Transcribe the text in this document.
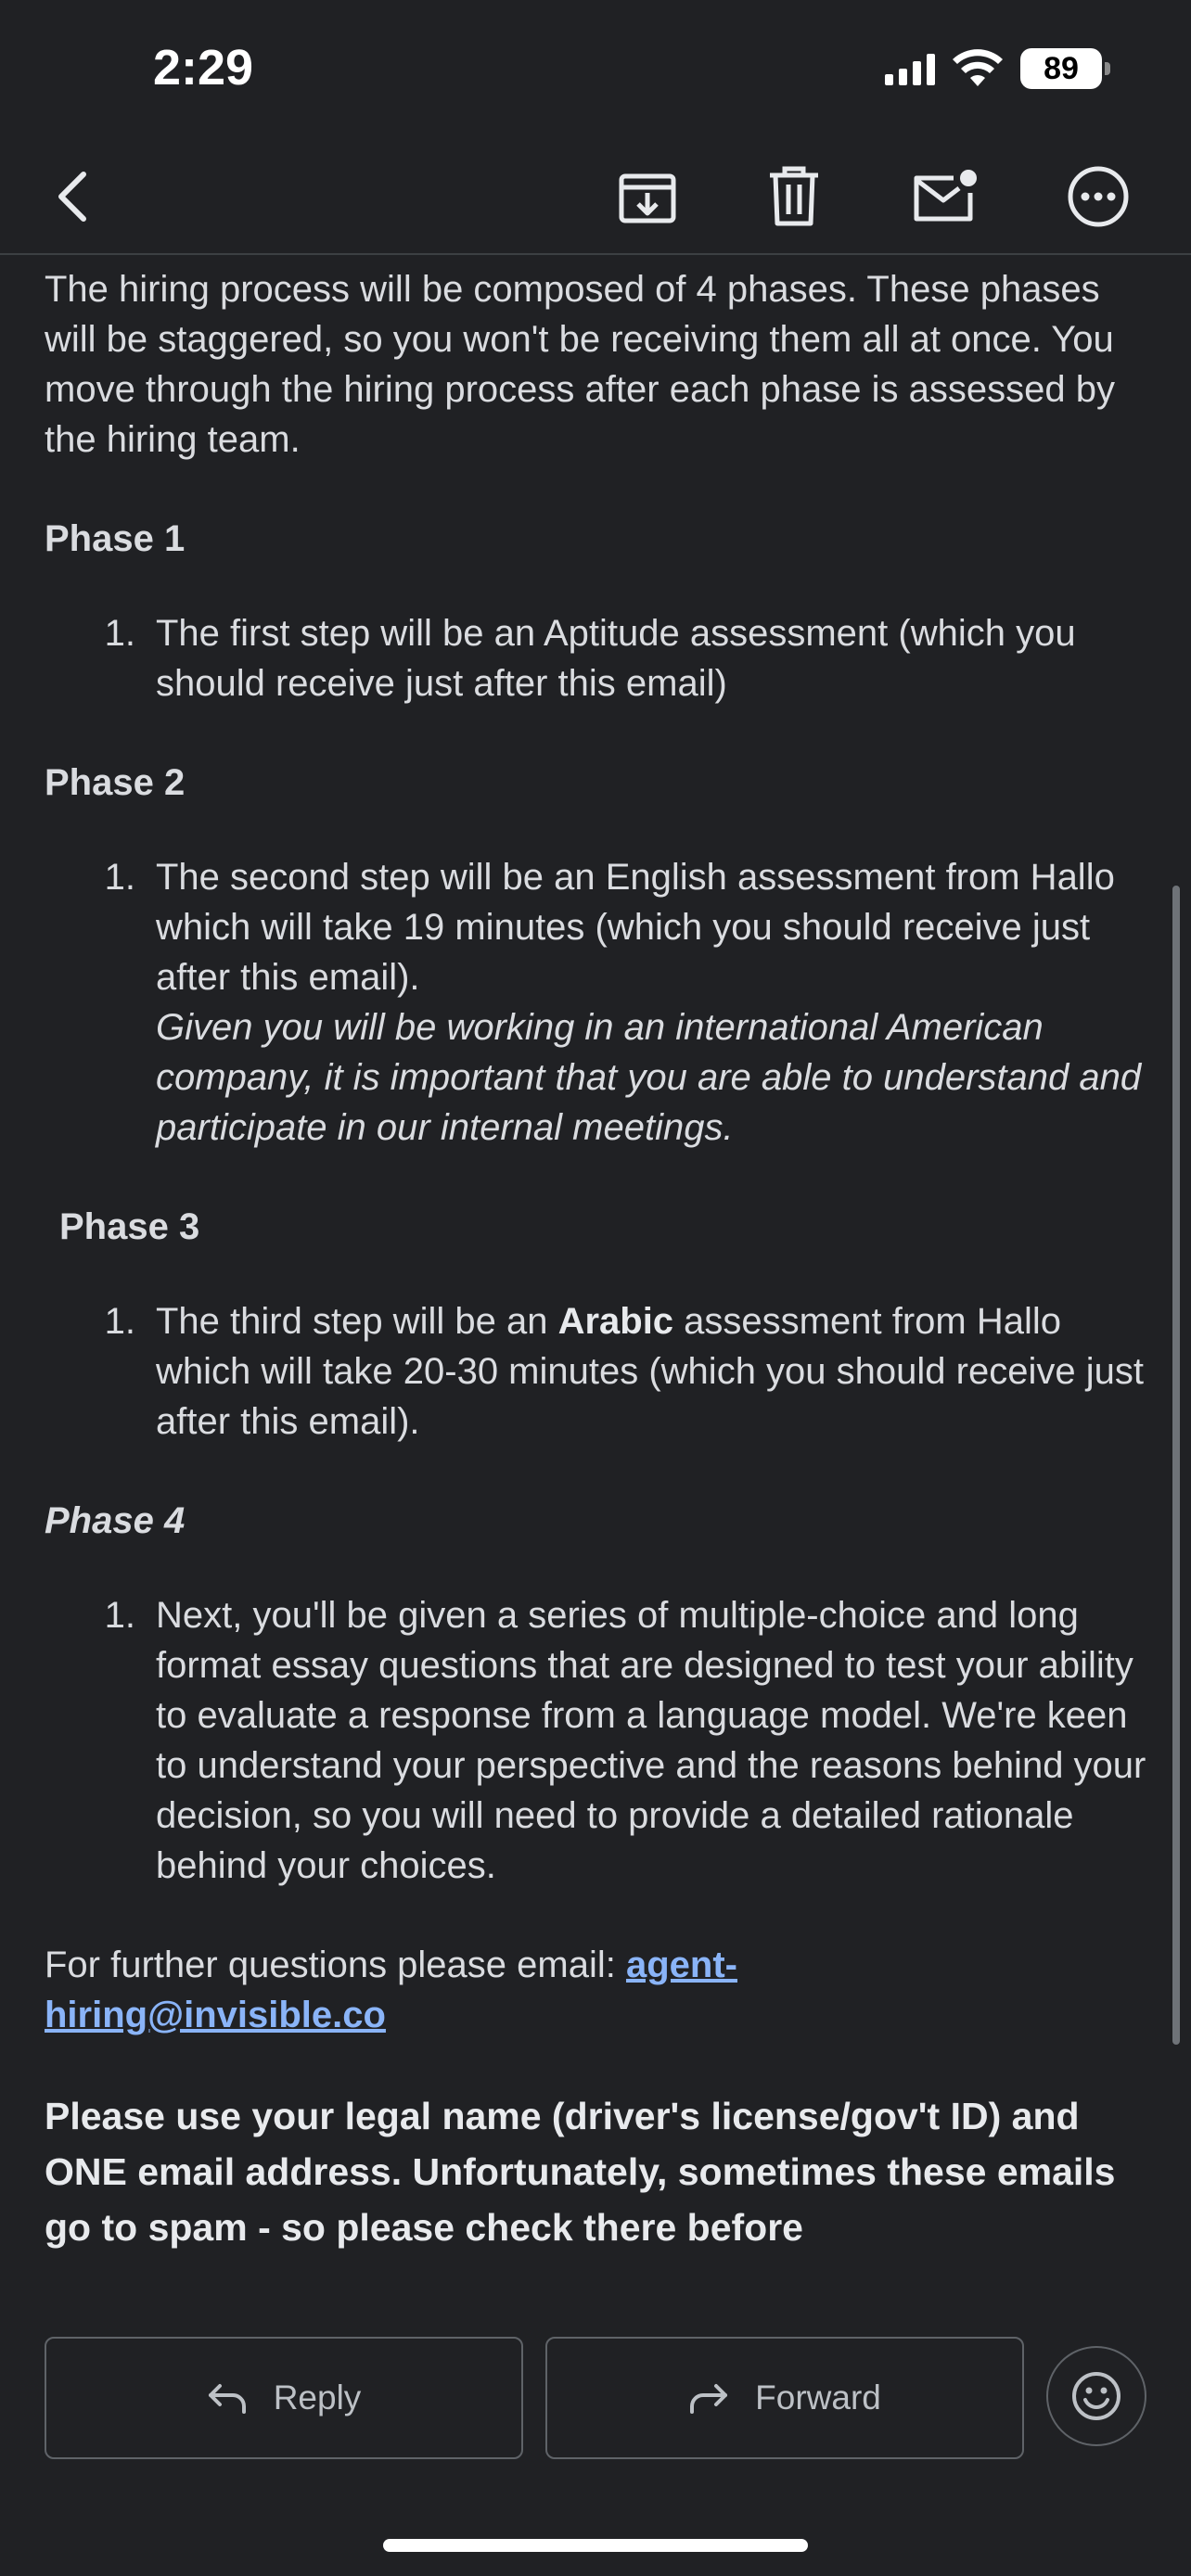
2:29	89

The hiring process will be composed of 4 phases. These phases will be staggered, so you won't be receiving them all at once. You move through the hiring process after each phase is assessed by the hiring team.

Phase 1
1. The first step will be an Aptitude assessment (which you should receive just after this email)
Phase 2
1. The second step will be an English assessment from Hallo which will take 19 minutes (which you should receive just after this email).
Given you will be working in an international American company, it is important that you are able to understand and participate in our internal meetings.
Phase 3
1. The third step will be an Arabic assessment from Hallo which will take 20-30 minutes (which you should receive just after this email).
Phase 4
1. Next, you'll be given a series of multiple-choice and long format essay questions that are designed to test your ability to evaluate a response from a language model. We're keen to understand your perspective and the reasons behind your decision, so you will need to provide a detailed rationale behind your choices.

For further questions please email: agent-
hiring@invisible.co

Please use your legal name (driver's license/gov't ID) and ONE email address. Unfortunately, sometimes these emails go to spam - so please check there before

Reply	Forward
